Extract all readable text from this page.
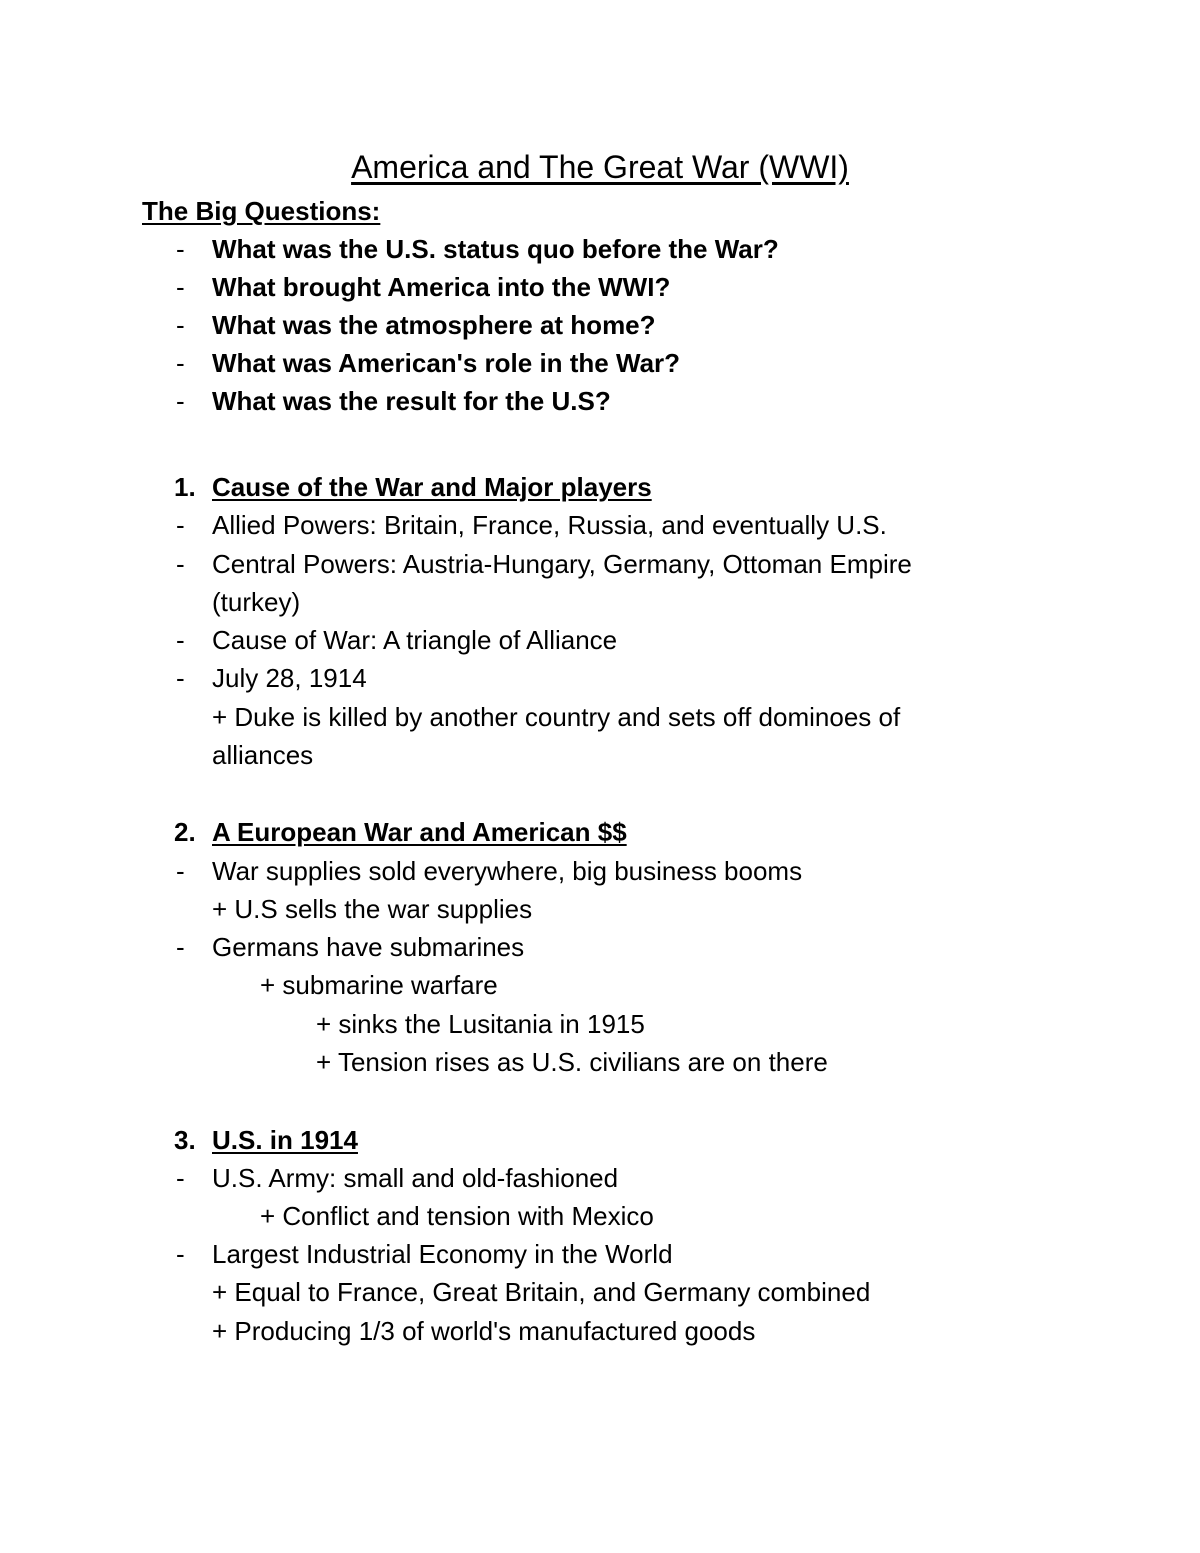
America and The Great War (WWI)
The Big Questions:
- What was the U.S. status quo before the War?
- What brought America into the WWI?
- What was the atmosphere at home?
- What was American's role in the War?
- What was the result for the U.S?
1. Cause of the War and Major players
- Allied Powers: Britain, France, Russia, and eventually U.S.
- Central Powers: Austria-Hungary, Germany, Ottoman Empire
(turkey)
- Cause of War: A triangle of Alliance
- July 28, 1914
+ Duke is killed by another country and sets off dominoes of
alliances
2. A European War and American $$
- War supplies sold everywhere, big business booms
+ U.S sells the war supplies
- Germans have submarines
+ submarine warfare
+ sinks the Lusitania in 1915
+ Tension rises as U.S. civilians are on there
3. U.S. in 1914
- U.S. Army: small and old-fashioned
+ Conflict and tension with Mexico
- Largest Industrial Economy in the World
+ Equal to France, Great Britain, and Germany combined
+ Producing 1/3 of world's manufactured goods
